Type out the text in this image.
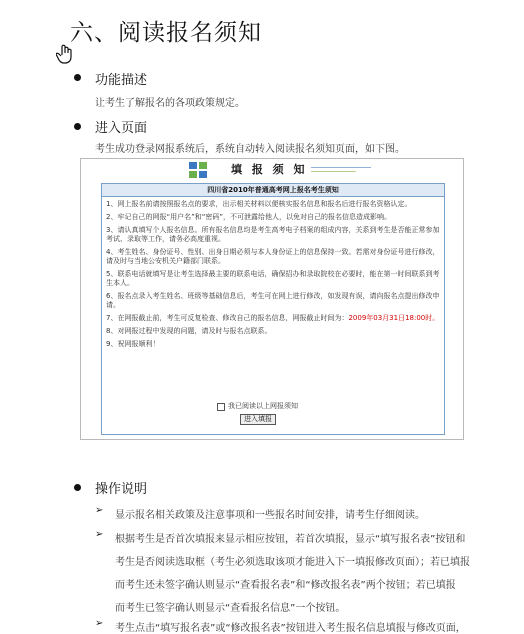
六、阅读报名须知
功能描述
让考生了解报名的各项政策规定。
进入页面
考生成功登录网报系统后，系统自动转入阅读报名须知页面，如下图。
填 报 须 知
四川省2010年普通高考网上报名考生须知
1、网上报名前请按照报名点的要求，出示相关材料以便核实报名信息和报名后进行报名资格认定。
2、牢记自己的网报“用户名”和“密码”，不可泄露给他人，以免对自己的报名信息造成影响。
3、请认真填写个人报名信息。所有报名信息均是考生高考电子档案的组成内容，关系到考生是否能正常参加
考试、录取等工作，请务必高度重视。
4、考生姓名、身份证号、性别、出身日期必须与本人身份证上的信息保持一致。若需对身份证号进行修改，
请及时与当地公安机关户籍部门联系。
5、联系电话就填写是让考生选择最主要的联系电话，确保招办和录取院校在必要时，能在第一时间联系到考
生本人。
6、报名点录入考生姓名、班级等基础信息后，考生可在网上进行修改，如发现有误，请向报名点提出修改申
请。
7、在网报截止前，考生可反复检查、修改自己的报名信息，网报截止时间为：2009年03月31日18:00时。
8、对网报过程中发现的问题，请及时与报名点联系。
9、祝网报顺利！
我已阅读以上网报须知
进入填报
操作说明
➢ 显示报名相关政策及注意事项和一些报名时间安排，请考生仔细阅读。
➢ 根据考生是否首次填报来显示相应按钮，若首次填报，显示“填写报名表”按钮和
考生是否阅读选取框（考生必须选取该项才能进入下一填报修改页面）；若已填报
而考生还未签字确认则显示“查看报名表”和“修改报名表”两个按钮；若已填报
而考生已签字确认则显示“查看报名信息”一个按钮。
➢ 考生点击“填写报名表”或“修改报名表”按钮进入考生报名信息填报与修改页面，
